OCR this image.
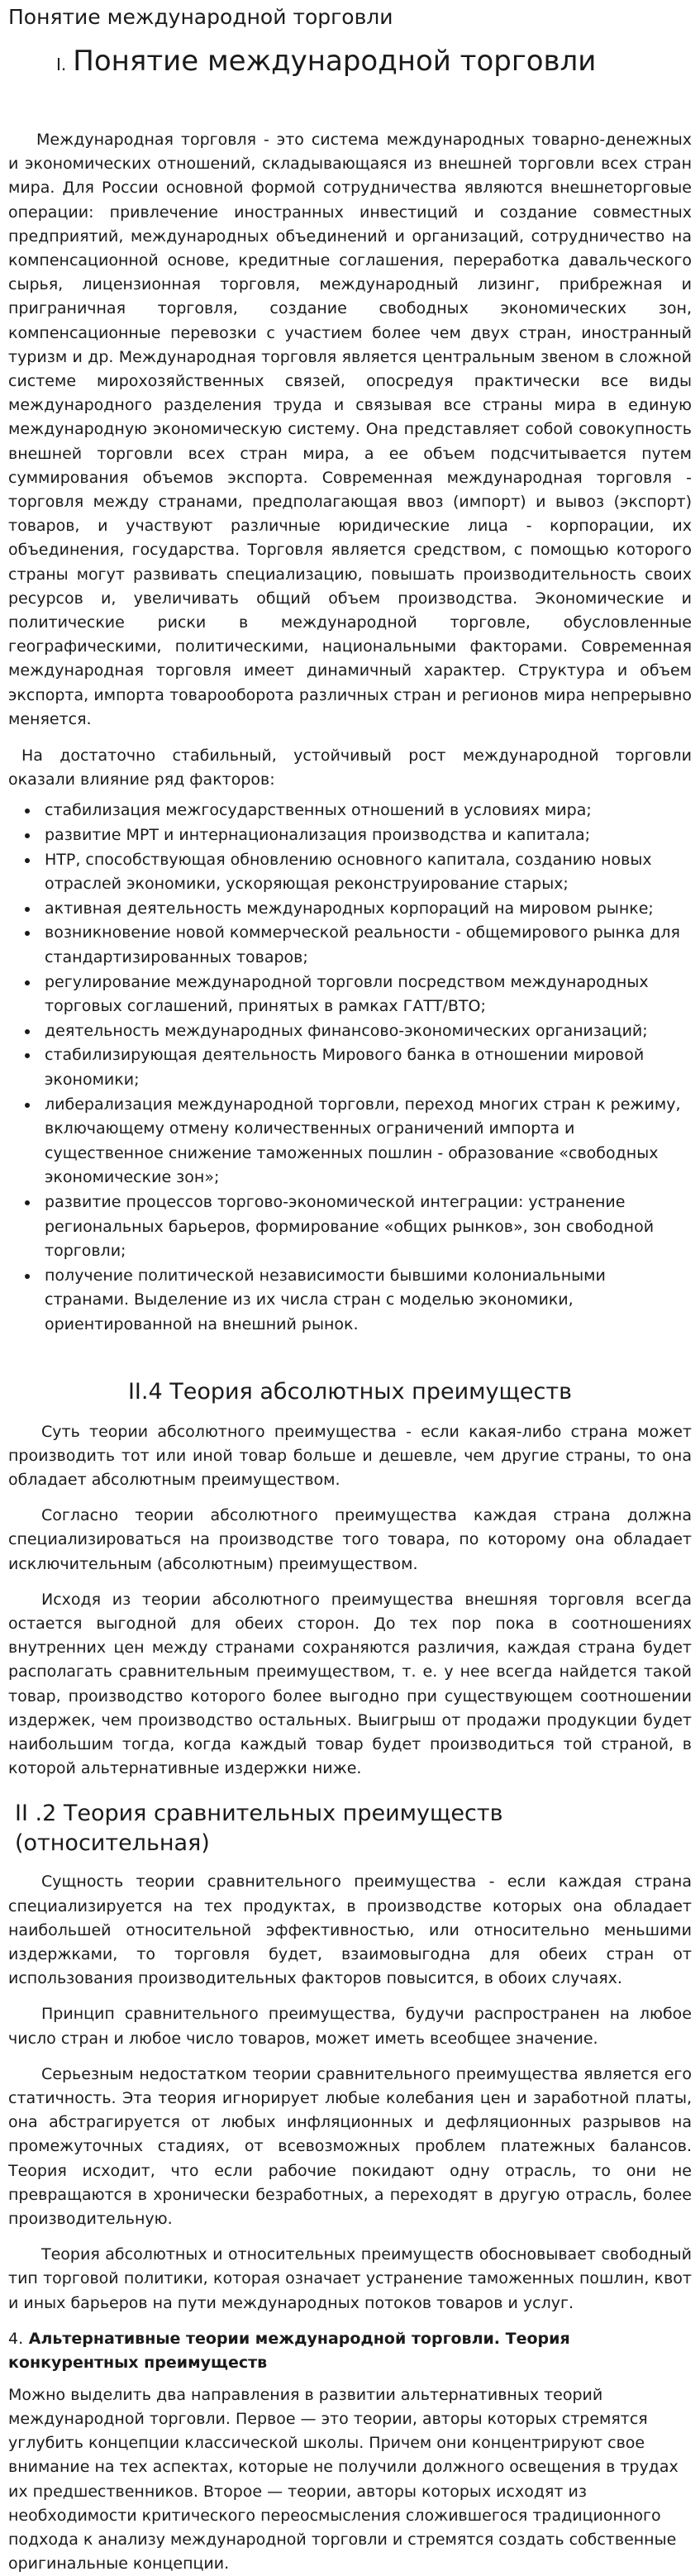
Понятие международной торговли
I. Понятие международной торговли

Международная торговля - это система международных товарно-денежных и экономических отношений, складывающаяся из внешней торговли всех стран мира. Для России основной формой сотрудничества являются внешнеторговые операции: привлечение иностранных инвестиций и создание совместных предприятий, международных объединений и организаций, сотрудничество на компенсационной основе, кредитные соглашения, переработка давальческого сырья, лицензионная торговля, международный лизинг, прибрежная и приграничная торговля, создание свободных экономических зон, компенсационные перевозки с участием более чем двух стран, иностранный туризм и др. Международная торговля является центральным звеном в сложной системе мирохозяйственных связей, опосредуя практически все виды международного разделения труда и связывая все страны мира в единую международную экономическую систему. Она представляет собой совокупность внешней торговли всех стран мира, а ее объем подсчитывается путем суммирования объемов экспорта. Современная международная торговля - торговля между странами, предполагающая ввоз (импорт) и вывоз (экспорт) товаров, и участвуют различные юридические лица - корпорации, их объединения, государства. Торговля является средством, с помощью которого страны могут развивать специализацию, повышать производительность своих ресурсов и, увеличивать общий объем производства. Экономические и политические риски в международной торговле, обусловленные географическими, политическими, национальными факторами. Современная международная торговля имеет динамичный характер. Структура и объем экспорта, импорта товарооборота различных стран и регионов мира непрерывно меняется.

На достаточно стабильный, устойчивый рост международной торговли оказали влияние ряд факторов:

• стабилизация межгосударственных отношений в условиях мира;
• развитие МРТ и интернационализация производства и капитала;
• НТР, способствующая обновлению основного капитала, созданию новых отраслей экономики, ускоряющая реконструирование старых;
• активная деятельность международных корпораций на мировом рынке;
• возникновение новой коммерческой реальности - общемирового рынка для стандартизированных товаров;
• регулирование международной торговли посредством международных торговых соглашений, принятых в рамках ГАТТ/ВТО;
• деятельность международных финансово-экономических организаций;
• стабилизирующая деятельность Мирового банка в отношении мировой экономики;
• либерализация международной торговли, переход многих стран к режиму, включающему отмену количественных ограничений импорта и существенное снижение таможенных пошлин - образование «свободных экономические зон»;
• развитие процессов торгово-экономической интеграции: устранение региональных барьеров, формирование «общих рынков», зон свободной торговли;
• получение политической независимости бывшими колониальными странами. Выделение из их числа стран с моделью экономики, ориентированной на внешний рынок.
II.4 Теория абсолютных преимуществ

Суть теории абсолютного преимущества - если какая-либо страна может производить тот или иной товар больше и дешевле, чем другие страны, то она обладает абсолютным преимуществом.

Согласно теории абсолютного преимущества каждая страна должна специализироваться на производстве того товара, по которому она обладает исключительным (абсолютным) преимуществом.

Исходя из теории абсолютного преимущества внешняя торговля всегда остается выгодной для обеих сторон. До тех пор пока в соотношениях внутренних цен между странами сохраняются различия, каждая страна будет располагать сравнительным преимуществом, т. е. у нее всегда найдется такой товар, производство которого более выгодно при существующем соотношении издержек, чем производство остальных. Выигрыш от продажи продукции будет наибольшим тогда, когда каждый товар будет производиться той страной, в которой альтернативные издержки ниже.

II .2 Теория сравнительных преимуществ (относительная)

Сущность теории сравнительного преимущества - если каждая страна специализируется на тех продуктах, в производстве которых она обладает наибольшей относительной эффективностью, или относительно меньшими издержками, то торговля будет, взаимовыгодна для обеих стран от использования производительных факторов повысится, в обоих случаях.

Принцип сравнительного преимущества, будучи распространен на любое число стран и любое число товаров, может иметь всеобщее значение.

Серьезным недостатком теории сравнительного преимущества является его статичность. Эта теория игнорирует любые колебания цен и заработной платы, она абстрагируется от любых инфляционных и дефляционных разрывов на промежуточных стадиях, от всевозможных проблем платежных балансов. Теория исходит, что если рабочие покидают одну отрасль, то они не превращаются в хронически безработных, а переходят в другую отрасль, более производительную.

Теория абсолютных и относительных преимуществ обосновывает свободный тип торговой политики, которая означает устранение таможенных пошлин, квот и иных барьеров на пути международных потоков товаров и услуг.

4. Альтернативные теории международной торговли. Теория конкурентных преимуществ

Можно выделить два направления в развитии альтернативных теорий международной торговли. Первое — это теории, авторы которых стремятся углубить концепции классической школы. Причем они концентрируют свое внимание на тех аспектах, которые не получили должного освещения в трудах их предшественников. Второе — теории, авторы которых исходят из необходимости критического переосмысления сложившегося традиционного подхода к анализу международной торговли и стремятся создать собственные оригинальные концепции.
